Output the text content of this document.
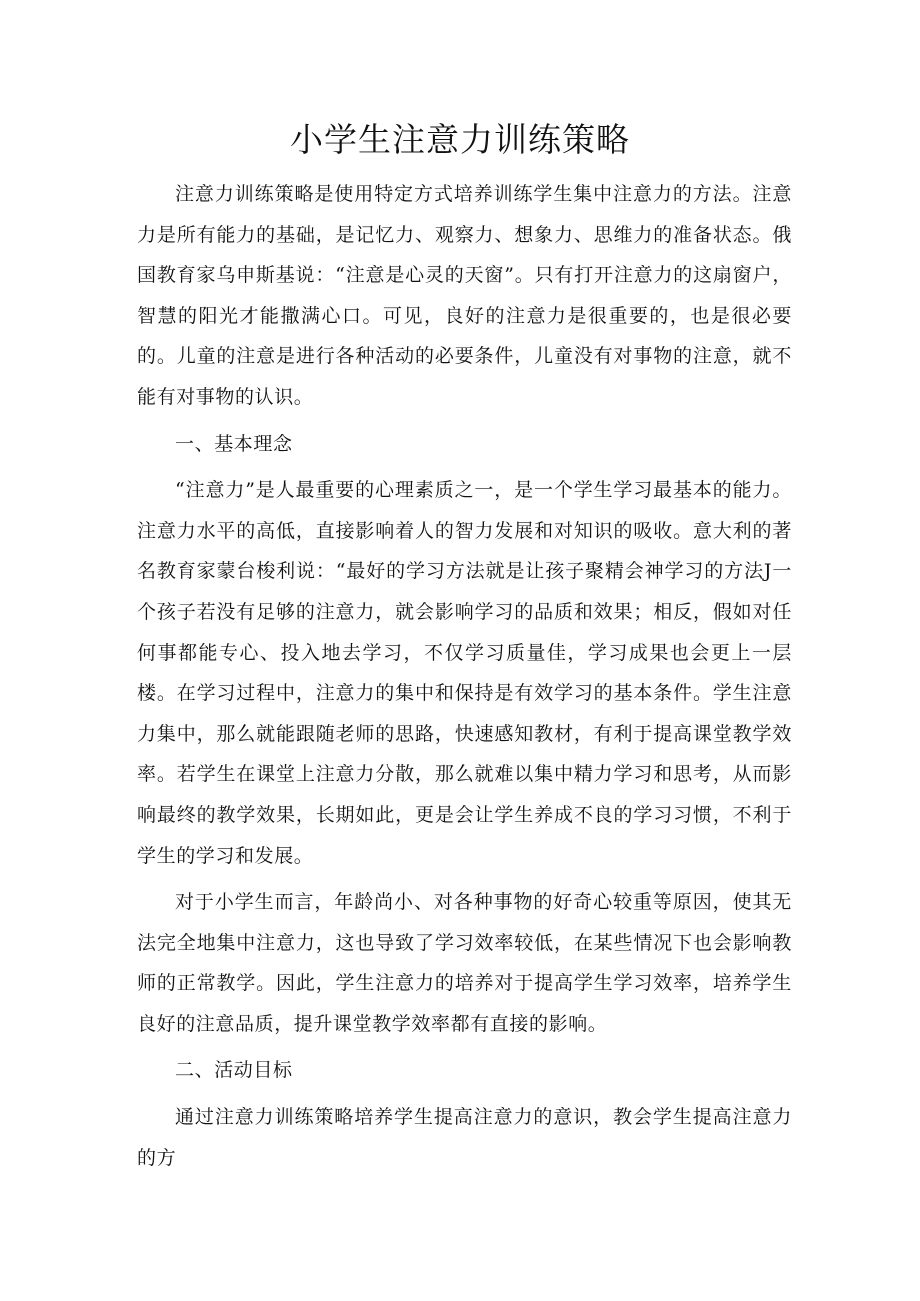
小学生注意力训练策略

注意力训练策略是使用特定方式培养训练学生集中注意力的方法。注意力是所有能力的基础，是记忆力、观察力、想象力、思维力的准备状态。俄国教育家乌申斯基说：“注意是心灵的天窗”。只有打开注意力的这扇窗户，智慧的阳光才能撒满心口。可见，良好的注意力是很重要的，也是很必要的。儿童的注意是进行各种活动的必要条件，儿童没有对事物的注意，就不能有对事物的认识。

一、基本理念

“注意力”是人最重要的心理素质之一，是一个学生学习最基本的能力。注意力水平的高低，直接影响着人的智力发展和对知识的吸收。意大利的著名教育家蒙台梭利说：“最好的学习方法就是让孩子聚精会神学习的方法J一个孩子若没有足够的注意力，就会影响学习的品质和效果；相反，假如对任何事都能专心、投入地去学习，不仅学习质量佳，学习成果也会更上一层楼。在学习过程中，注意力的集中和保持是有效学习的基本条件。学生注意力集中，那么就能跟随老师的思路，快速感知教材，有利于提高课堂教学效率。若学生在课堂上注意力分散，那么就难以集中精力学习和思考，从而影响最终的教学效果，长期如此，更是会让学生养成不良的学习习惯，不利于学生的学习和发展。

对于小学生而言，年龄尚小、对各种事物的好奇心较重等原因，使其无法完全地集中注意力，这也导致了学习效率较低，在某些情况下也会影响教师的正常教学。因此，学生注意力的培养对于提高学生学习效率，培养学生良好的注意品质，提升课堂教学效率都有直接的影响。

二、活动目标

通过注意力训练策略培养学生提高注意力的意识，教会学生提高注意力的方
